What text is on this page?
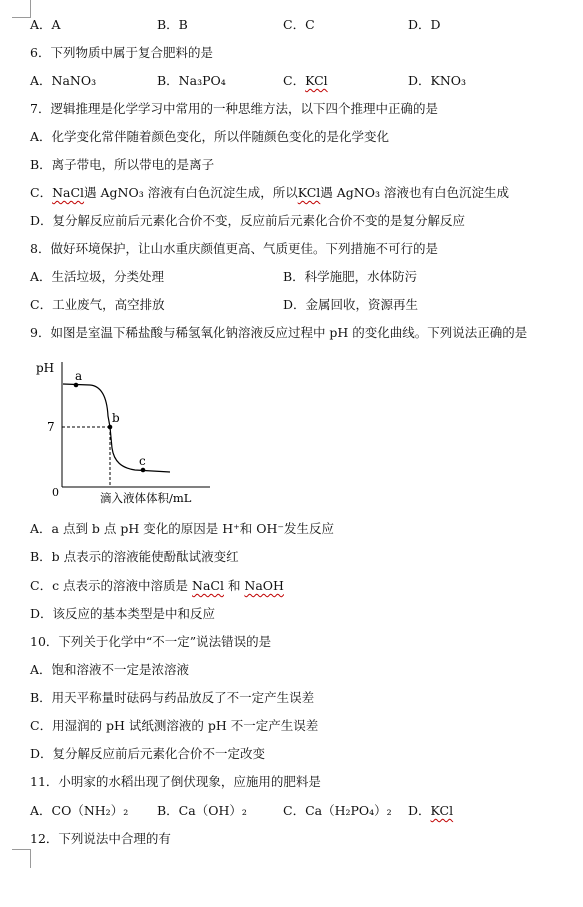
A．A	B．B	C．C	D．D
6．下列物质中属于复合肥料的是
A．NaNO₃	B．Na₃PO₄	C．KCl	D．KNO₃
7．逻辑推理是化学学习中常用的一种思维方法，以下四个推理中正确的是
A．化学变化常伴随着颜色变化，所以伴随颜色变化的是化学变化
B．离子带电，所以带电的是离子
C．NaCl遇 AgNO₃ 溶液有白色沉淀生成，所以KCl遇 AgNO₃ 溶液也有白色沉淀生成
D．复分解反应前后元素化合价不变，反应前后元素化合价不变的是复分解反应
8．做好环境保护，让山水重庆颜值更高、气质更佳。下列措施不可行的是
A．生活垃圾，分类处理	B．科学施肥，水体防污
C．工业废气，高空排放	D．金属回收，资源再生
9．如图是室温下稀盐酸与稀氢氧化钠溶液反应过程中 pH 的变化曲线。下列说法正确的是
pH
7
0
a
b
c
滴入液体体积/mL
A．a 点到 b 点 pH 变化的原因是 H⁺和 OH⁻发生反应
B．b 点表示的溶液能使酚酞试液变红
C．c 点表示的溶液中溶质是 NaCl 和 NaOH
D．该反应的基本类型是中和反应
10．下列关于化学中“不一定”说法错误的是
A．饱和溶液不一定是浓溶液
B．用天平称量时砝码与药品放反了不一定产生误差
C．用湿润的 pH 试纸测溶液的 pH 不一定产生误差
D．复分解反应前后元素化合价不一定改变
11．小明家的水稻出现了倒伏现象，应施用的肥料是
A．CO（NH₂）₂ B．Ca（OH）₂	C．Ca（H₂PO₄）₂ D．KCl
12．下列说法中合理的有
